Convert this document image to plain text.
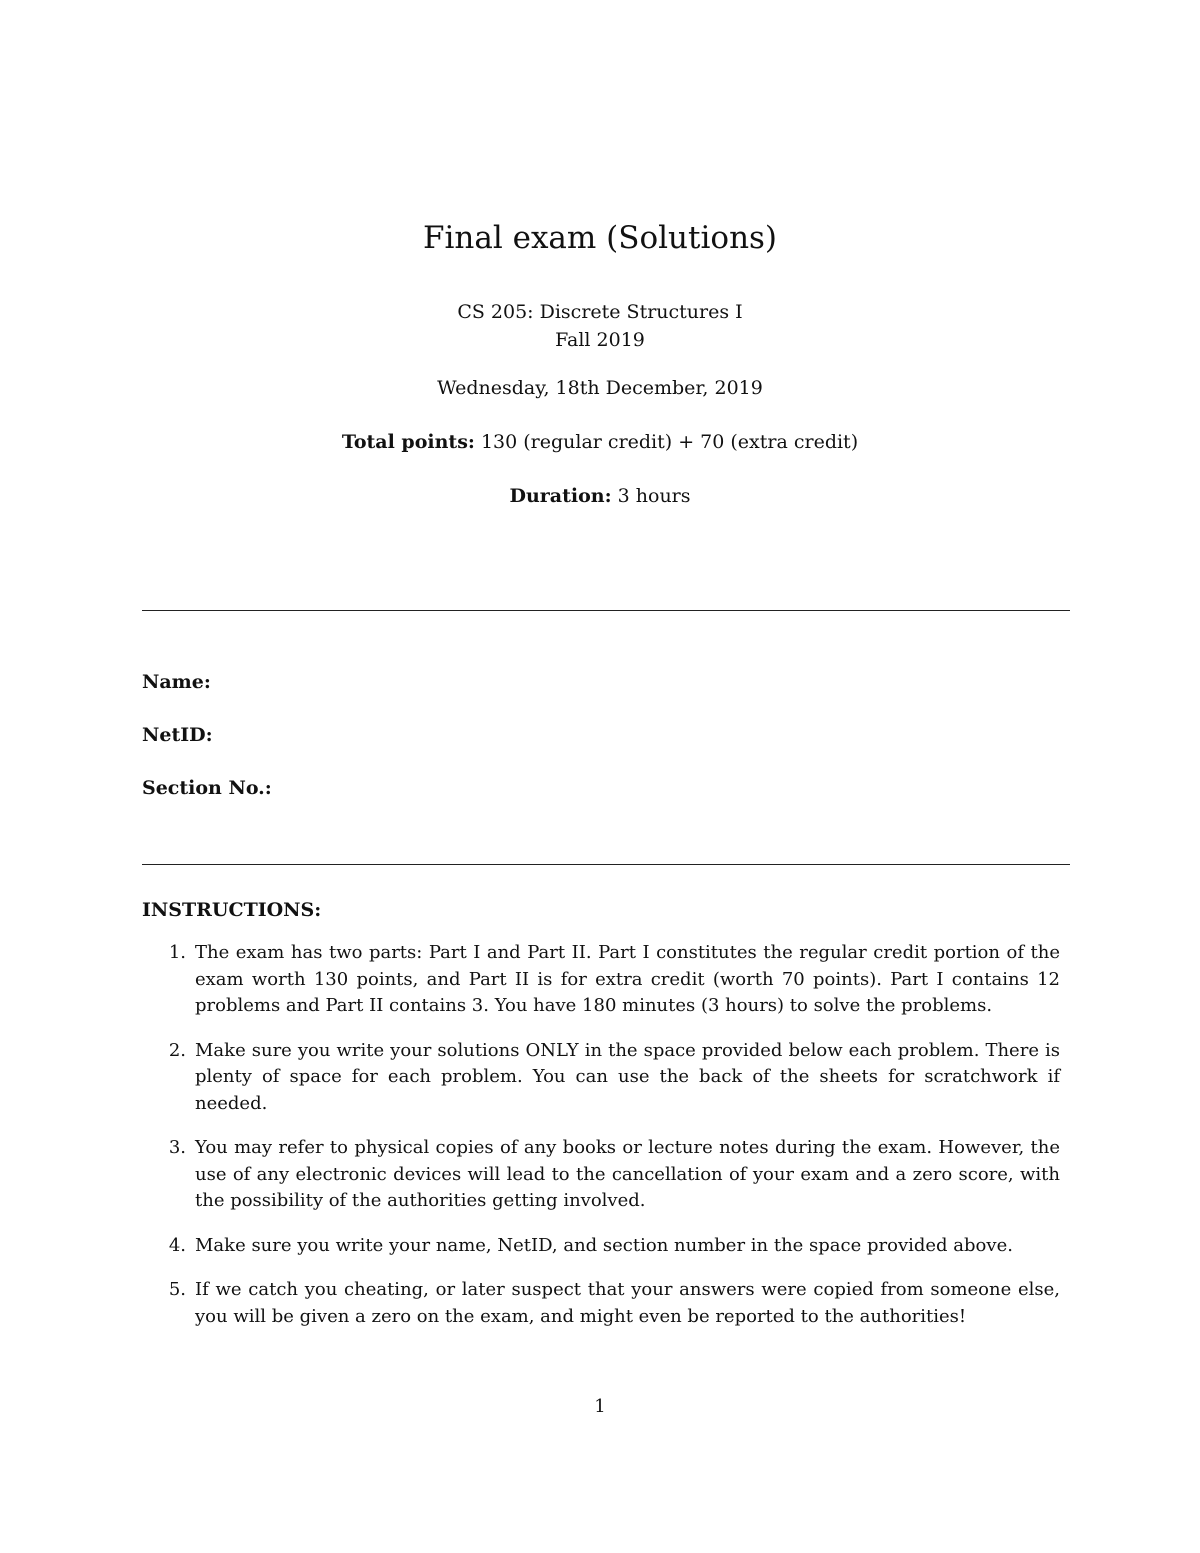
Final exam (Solutions)
CS 205: Discrete Structures I
Fall 2019
Wednesday, 18th December, 2019
Total points: 130 (regular credit) + 70 (extra credit)
Duration: 3 hours
Name:
NetID:
Section No.:
INSTRUCTIONS:
1. The exam has two parts: Part I and Part II. Part I constitutes the regular credit portion of the exam worth 130 points, and Part II is for extra credit (worth 70 points). Part I contains 12 problems and Part II contains 3. You have 180 minutes (3 hours) to solve the problems.
2. Make sure you write your solutions ONLY in the space provided below each problem. There is plenty of space for each problem. You can use the back of the sheets for scratchwork if needed.
3. You may refer to physical copies of any books or lecture notes during the exam. However, the use of any electronic devices will lead to the cancellation of your exam and a zero score, with the possibility of the authorities getting involved.
4. Make sure you write your name, NetID, and section number in the space provided above.
5. If we catch you cheating, or later suspect that your answers were copied from someone else, you will be given a zero on the exam, and might even be reported to the authorities!
1
